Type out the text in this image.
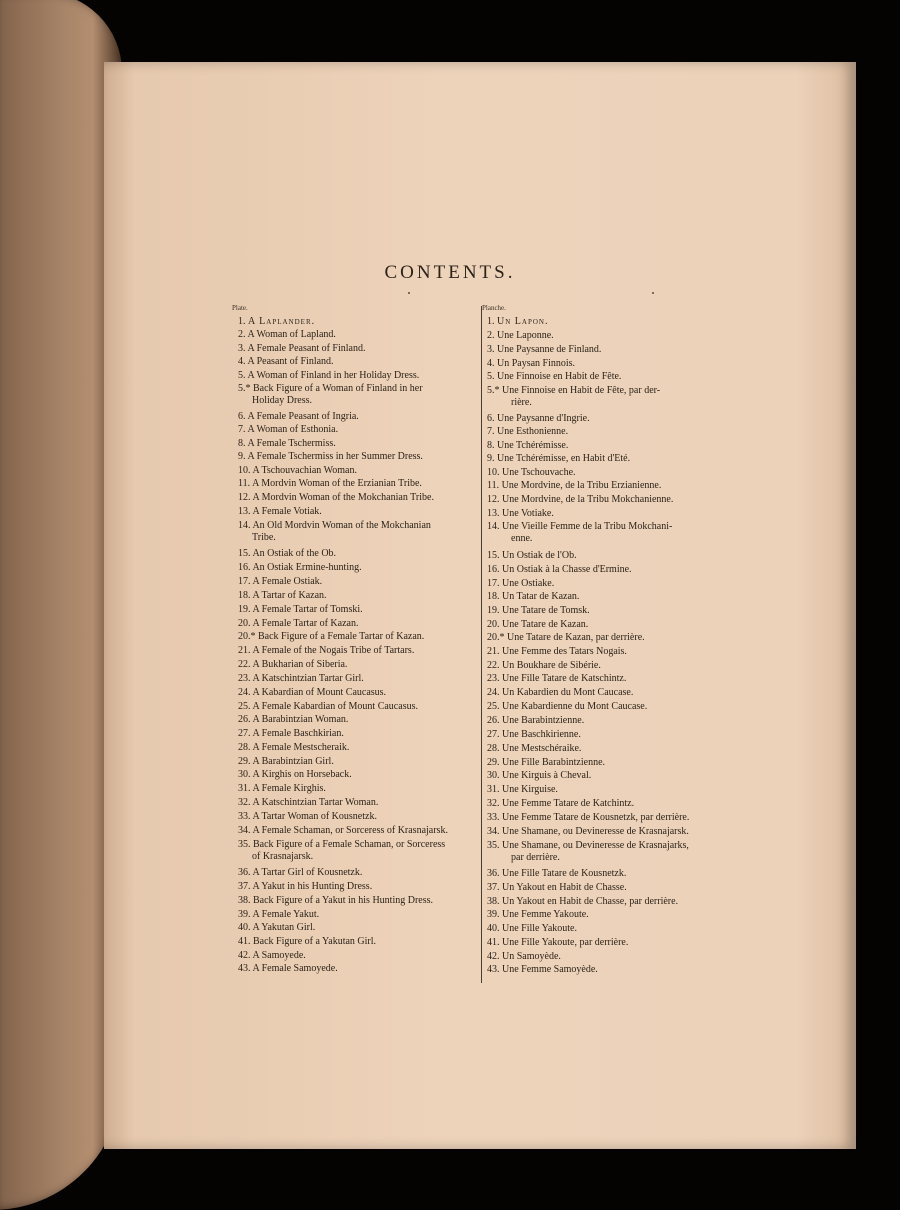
CONTENTS.
Plate.	Planche.
1. A Laplander.
2. A Woman of Lapland.
3. A Female Peasant of Finland.
4. A Peasant of Finland.
5. A Woman of Finland in her Holiday Dress.
5.* Back Figure of a Woman of Finland in her
Holiday Dress.
6. A Female Peasant of Ingria.
7. A Woman of Esthonia.
8. A Female Tschermiss.
9. A Female Tschermiss in her Summer Dress.
10. A Tschouvachian Woman.
11. A Mordvin Woman of the Erzianian Tribe.
12. A Mordvin Woman of the Mokchanian Tribe.
13. A Female Votiak.
14. An Old Mordvin Woman of the Mokchanian
Tribe.
15. An Ostiak of the Ob.
16. An Ostiak Ermine-hunting.
17. A Female Ostiak.
18. A Tartar of Kazan.
19. A Female Tartar of Tomski.
20. A Female Tartar of Kazan.
20.* Back Figure of a Female Tartar of Kazan.
21. A Female of the Nogais Tribe of Tartars.
22. A Bukharian of Siberia.
23. A Katschintzian Tartar Girl.
24. A Kabardian of Mount Caucasus.
25. A Female Kabardian of Mount Caucasus.
26. A Barabintzian Woman.
27. A Female Baschkirian.
28. A Female Mestscheraik.
29. A Barabintzian Girl.
30. A Kirghis on Horseback.
31. A Female Kirghis.
32. A Katschintzian Tartar Woman.
33. A Tartar Woman of Kousnetzk.
34. A Female Schaman, or Sorceress of Krasnajarsk.
35. Back Figure of a Female Schaman, or Sorceress
of Krasnajarsk.
36. A Tartar Girl of Kousnetzk.
37. A Yakut in his Hunting Dress.
38. Back Figure of a Yakut in his Hunting Dress.
39. A Female Yakut.
40. A Yakutan Girl.
41. Back Figure of a Yakutan Girl.
42. A Samoyede.
43. A Female Samoyede.
1. Un Lapon.
2. Une Laponne.
3. Une Paysanne de Finland.
4. Un Paysan Finnois.
5. Une Finnoise en Habit de Fête.
5.* Une Finnoise en Habit de Fête, par der-
rière.
6. Une Paysanne d'Ingrie.
7. Une Esthonienne.
8. Une Tchérémisse.
9. Une Tchérémisse, en Habit d'Eté.
10. Une Tschouvache.
11. Une Mordvine, de la Tribu Erzianienne.
12. Une Mordvine, de la Tribu Mokchanienne.
13. Une Votiake.
14. Une Vieille Femme de la Tribu Mokchani-
enne.
15. Un Ostiak de l'Ob.
16. Un Ostiak à la Chasse d'Ermine.
17. Une Ostiake.
18. Un Tatar de Kazan.
19. Une Tatare de Tomsk.
20. Une Tatare de Kazan.
20.* Une Tatare de Kazan, par derrière.
21. Une Femme des Tatars Nogais.
22. Un Boukhare de Sibérie.
23. Une Fille Tatare de Katschintz.
24. Un Kabardien du Mont Caucase.
25. Une Kabardienne du Mont Caucase.
26. Une Barabintzienne.
27. Une Baschkirienne.
28. Une Mestschéraike.
29. Une Fille Barabintzienne.
30. Une Kirguis à Cheval.
31. Une Kirguise.
32. Une Femme Tatare de Katchintz.
33. Une Femme Tatare de Kousnetzk, par derrière.
34. Une Shamane, ou Devineresse de Krasnajarsk.
35. Une Shamane, ou Devineresse de Krasnajarks,
par derrière.
36. Une Fille Tatare de Kousnetzk.
37. Un Yakout en Habit de Chasse.
38. Un Yakout en Habit de Chasse, par derrière.
39. Une Femme Yakoute.
40. Une Fille Yakoute.
41. Une Fille Yakoute, par derrière.
42. Un Samoyède.
43. Une Femme Samoyède.
